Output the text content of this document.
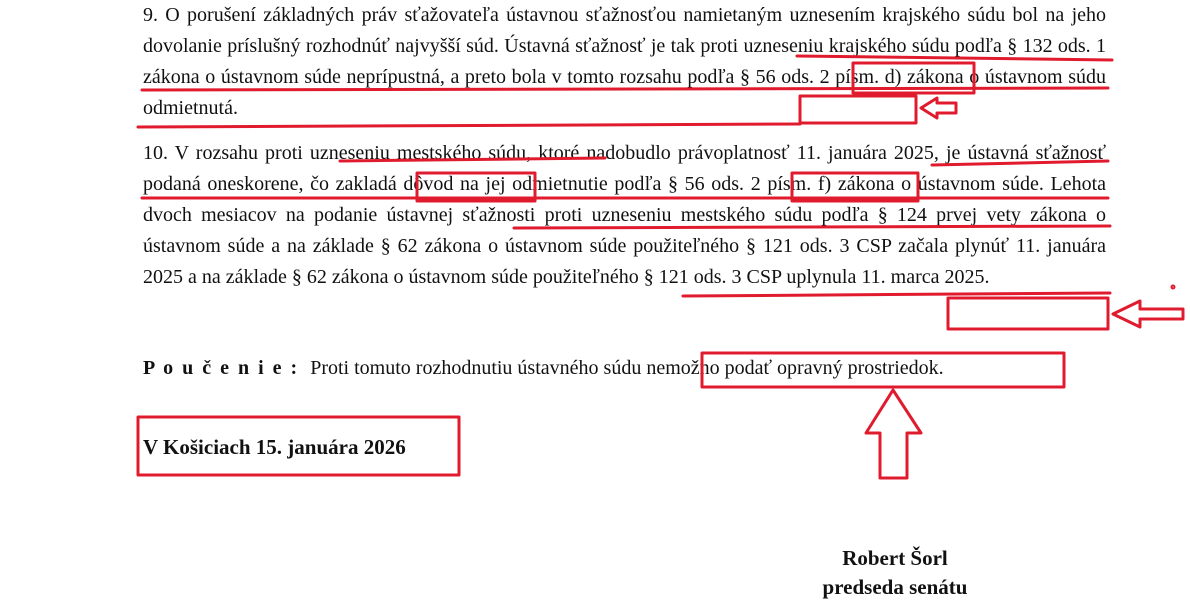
9. O porušení základných práv sťažovateľa ústavnou sťažnosťou namietaným uznesením krajského súdu bol na jeho dovolanie príslušný rozhodnúť najvyšší súd. Ústavná sťažnosť je tak proti uzneseniu krajského súdu podľa § 132 ods. 1 zákona o ústavnom súde neprípustná, a preto bola v tomto rozsahu podľa § 56 ods. 2 písm. d) zákona o ústavnom súdu odmietnutá.

10. V rozsahu proti uzneseniu mestského súdu, ktoré nadobudlo právoplatnosť 11. januára 2025, je ústavná sťažnosť podaná oneskorene, čo zakladá dôvod na jej odmietnutie podľa § 56 ods. 2 písm. f) zákona o ústavnom súde. Lehota dvoch mesiacov na podanie ústavnej sťažnosti proti uzneseniu mestského súdu podľa § 124 prvej vety zákona o ústavnom súde a na základe § 62 zákona o ústavnom súde použiteľného § 121 ods. 3 CSP začala plynúť 11. januára 2025 a na základe § 62 zákona o ústavnom súde použiteľného § 121 ods. 3 CSP uplynula 11. marca 2025.

P o u č e n i e : Proti tomuto rozhodnutiu ústavného súdu nemožno podať opravný prostriedok.

V Košiciach 15. januára 2026
Robert Šorl
predseda senátu
